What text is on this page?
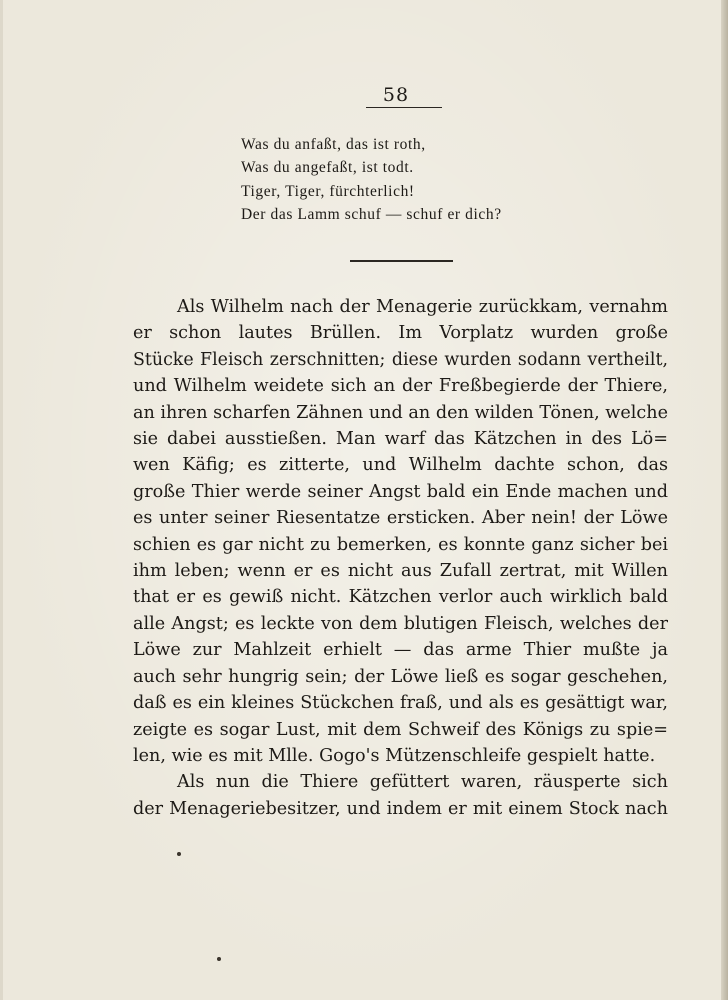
58
Was du anfaßt, das ist roth,
Was du angefaßt, ist todt.
Tiger, Tiger, fürchterlich!
Der das Lamm schuf — schuf er dich?
Als Wilhelm nach der Menagerie zurückkam, vernahm
er schon lautes Brüllen. Im Vorplatz wurden große
Stücke Fleisch zerschnitten; diese wurden sodann vertheilt,
und Wilhelm weidete sich an der Freßbegierde der Thiere,
an ihren scharfen Zähnen und an den wilden Tönen, welche
sie dabei ausstießen. Man warf das Kätzchen in des Lö=
wen Käfig; es zitterte, und Wilhelm dachte schon, das
große Thier werde seiner Angst bald ein Ende machen und
es unter seiner Riesentatze ersticken. Aber nein! der Löwe
schien es gar nicht zu bemerken, es konnte ganz sicher bei
ihm leben; wenn er es nicht aus Zufall zertrat, mit Willen
that er es gewiß nicht. Kätzchen verlor auch wirklich bald
alle Angst; es leckte von dem blutigen Fleisch, welches der
Löwe zur Mahlzeit erhielt — das arme Thier mußte ja
auch sehr hungrig sein; der Löwe ließ es sogar geschehen,
daß es ein kleines Stückchen fraß, und als es gesättigt war,
zeigte es sogar Lust, mit dem Schweif des Königs zu spie=
len, wie es mit Mlle. Gogo's Mützenschleife gespielt hatte.
Als nun die Thiere gefüttert waren, räusperte sich
der Menageriebesitzer, und indem er mit einem Stock nach
